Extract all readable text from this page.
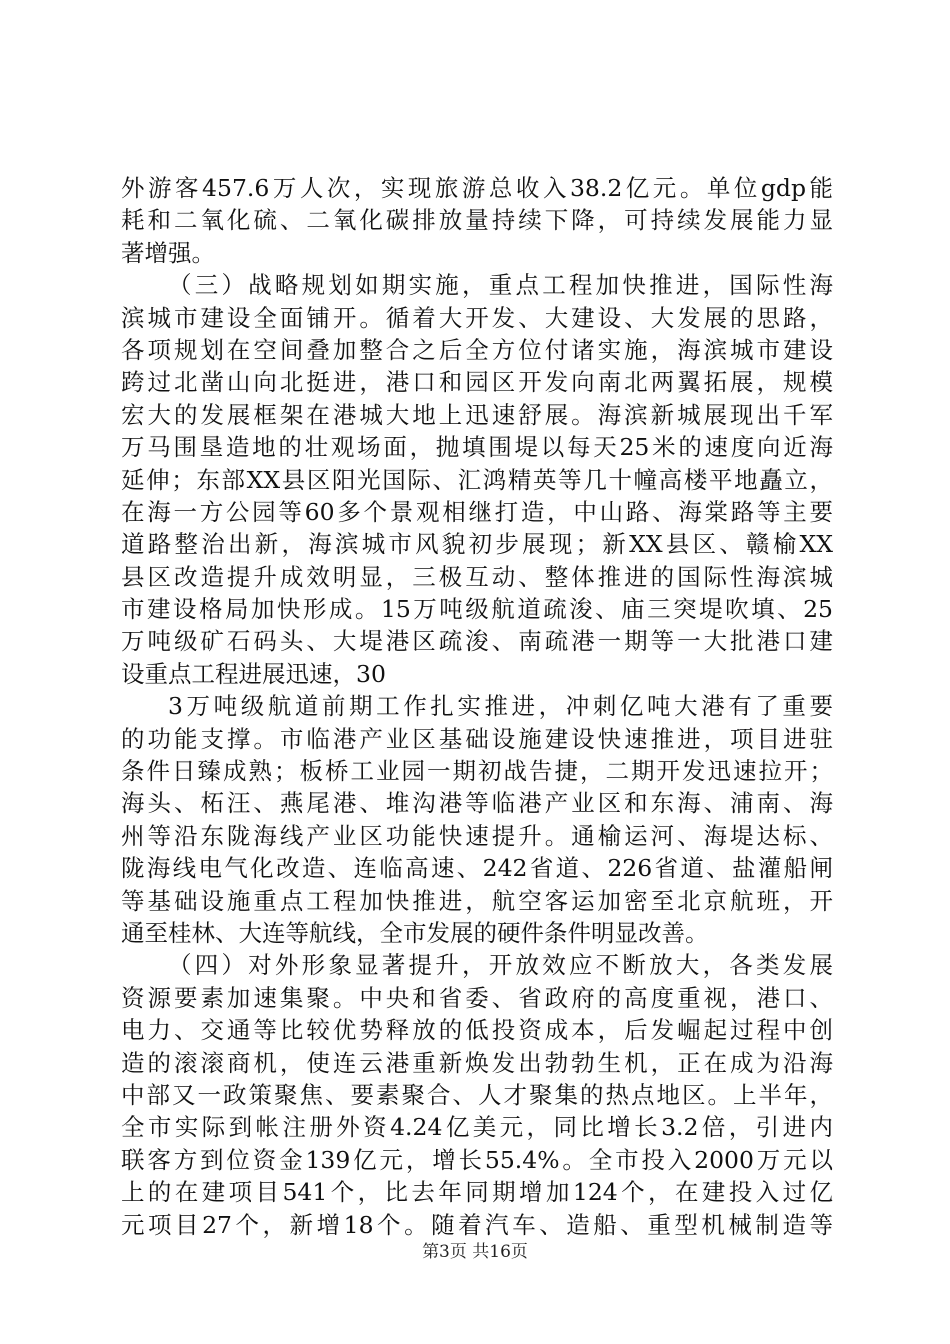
外游客457.6万人次，实现旅游总收入38.2亿元。单位gdp能
耗和二氧化硫、二氧化碳排放量持续下降，可持续发展能力显
著增强。
（三）战略规划如期实施，重点工程加快推进，国际性海
滨城市建设全面铺开。循着大开发、大建设、大发展的思路，
各项规划在空间叠加整合之后全方位付诸实施，海滨城市建设
跨过北凿山向北挺进，港口和园区开发向南北两翼拓展，规模
宏大的发展框架在港城大地上迅速舒展。海滨新城展现出千军
万马围垦造地的壮观场面，抛填围堤以每天25米的速度向近海
延伸；东部XX县区阳光国际、汇鸿精英等几十幢高楼平地矗立，
在海一方公园等60多个景观相继打造，中山路、海棠路等主要
道路整治出新，海滨城市风貌初步展现；新XX县区、赣榆XX
县区改造提升成效明显，三极互动、整体推进的国际性海滨城
市建设格局加快形成。15万吨级航道疏浚、庙三突堤吹填、25
万吨级矿石码头、大堤港区疏浚、南疏港一期等一大批港口建
设重点工程进展迅速，30
3万吨级航道前期工作扎实推进，冲刺亿吨大港有了重要
的功能支撑。市临港产业区基础设施建设快速推进，项目进驻
条件日臻成熟；板桥工业园一期初战告捷，二期开发迅速拉开；
海头、柘汪、燕尾港、堆沟港等临港产业区和东海、浦南、海
州等沿东陇海线产业区功能快速提升。通榆运河、海堤达标、
陇海线电气化改造、连临高速、242省道、226省道、盐灌船闸
等基础设施重点工程加快推进，航空客运加密至北京航班，开
通至桂林、大连等航线，全市发展的硬件条件明显改善。
（四）对外形象显著提升，开放效应不断放大，各类发展
资源要素加速集聚。中央和省委、省政府的高度重视，港口、
电力、交通等比较优势释放的低投资成本，后发崛起过程中创
造的滚滚商机，使连云港重新焕发出勃勃生机，正在成为沿海
中部又一政策聚焦、要素聚合、人才聚集的热点地区。上半年，
全市实际到帐注册外资4.24亿美元，同比增长3.2倍，引进内
联客方到位资金139亿元，增长55.4%。全市投入2000万元以
上的在建项目541个，比去年同期增加124个，在建投入过亿
元项目27个，新增18个。随着汽车、造船、重型机械制造等
第3页 共16页
